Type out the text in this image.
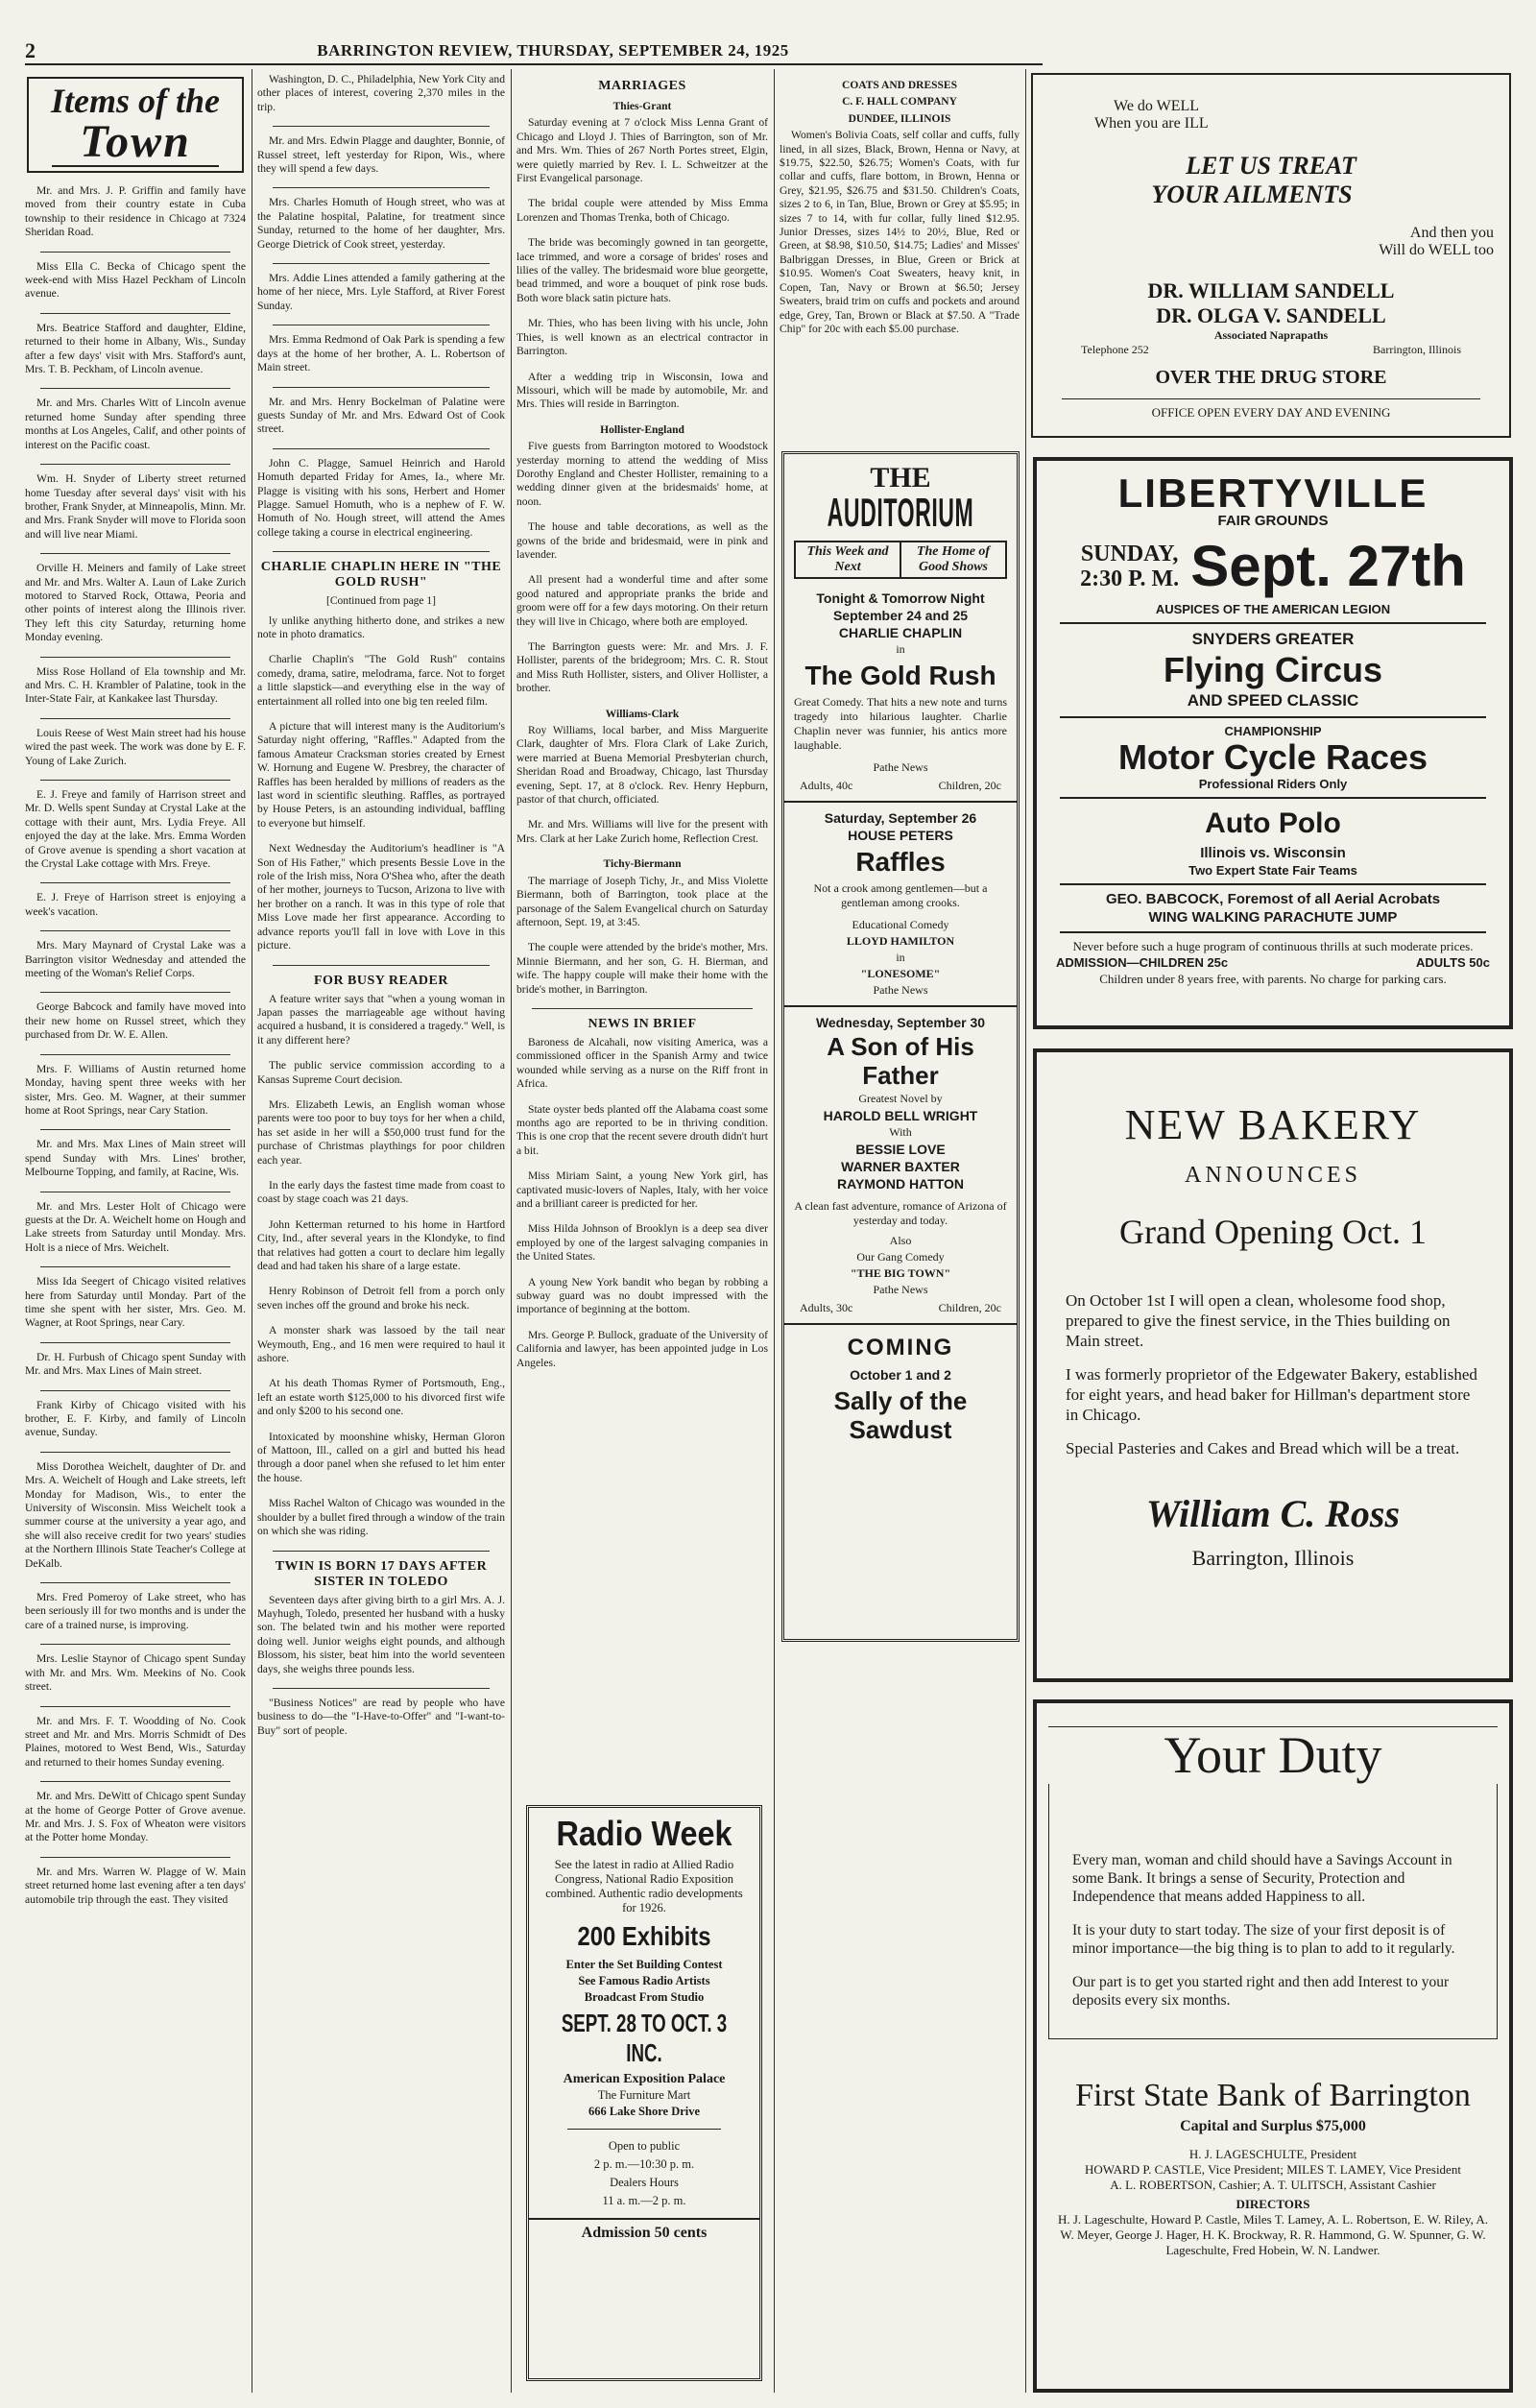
2	BARRINGTON REVIEW, THURSDAY, SEPTEMBER 24, 1925
Items of the
Town

Mr. and Mrs. J. P. Griffin and family have moved from their country estate in Cuba township to their residence in Chicago at 7324 Sheridan Road.

Miss Ella C. Becka of Chicago spent the week-end with Miss Hazel Peckham of Lincoln avenue.

Mrs. Beatrice Stafford and daughter, Eldine, returned to their home in Albany, Wis., Sunday after a few days' visit with Mrs. Stafford's aunt, Mrs. T. B. Peckham, of Lincoln avenue.

Mr. and Mrs. Charles Witt of Lincoln avenue returned home Sunday after spending three months at Los Angeles, Calif, and other points of interest on the Pacific coast.

Wm. H. Snyder of Liberty street returned home Tuesday after several days' visit with his brother, Frank Snyder, at Minneapolis, Minn. Mr. and Mrs. Frank Snyder will move to Florida soon and will live near Miami.

Orville H. Meiners and family of Lake street and Mr. and Mrs. Walter A. Laun of Lake Zurich motored to Starved Rock, Ottawa, Peoria and other points of interest along the Illinois river. They left this city Saturday, returning home Monday evening.

Miss Rose Holland of Ela township and Mr. and Mrs. C. H. Krambler of Palatine, took in the Inter-State Fair, at Kankakee last Thursday.

Louis Reese of West Main street had his house wired the past week. The work was done by E. F. Young of Lake Zurich.

E. J. Freye and family of Harrison street and Mr. D. Wells spent Sunday at Crystal Lake at the cottage with their aunt, Mrs. Lydia Freye. All enjoyed the day at the lake. Mrs. Emma Worden of Grove avenue is spending a short vacation at the Crystal Lake cottage with Mrs. Freye.

E. J. Freye of Harrison street is enjoying a week's vacation.

Mrs. Mary Maynard of Crystal Lake was a Barrington visitor Wednesday and attended the meeting of the Woman's Relief Corps.

George Babcock and family have moved into their new home on Russel street, which they purchased from Dr. W. E. Allen.

Mrs. F. Williams of Austin returned home Monday, having spent three weeks with her sister, Mrs. Geo. M. Wagner, at their summer home at Root Springs, near Cary Station.

Mr. and Mrs. Max Lines of Main street will spend Sunday with Mrs. Lines' brother, Melbourne Topping, and family, at Racine, Wis.

Mr. and Mrs. Lester Holt of Chicago were guests at the Dr. A. Weichelt home on Hough and Lake streets from Saturday until Monday. Mrs. Holt is a niece of Mrs. Weichelt.

Miss Ida Seegert of Chicago visited relatives here from Saturday until Monday. Part of the time she spent with her sister, Mrs. Geo. M. Wagner, at Root Springs, near Cary.

Dr. H. Furbush of Chicago spent Sunday with Mr. and Mrs. Max Lines of Main street.

Frank Kirby of Chicago visited with his brother, E. F. Kirby, and family of Lincoln avenue, Sunday.

Miss Dorothea Weichelt, daughter of Dr. and Mrs. A. Weichelt of Hough and Lake streets, left Monday for Madison, Wis., to enter the University of Wisconsin. Miss Weichelt took a summer course at the university a year ago, and she will also receive credit for two years' studies at the Northern Illinois State Teacher's College at DeKalb.

Mrs. Fred Pomeroy of Lake street, who has been seriously ill for two months and is under the care of a trained nurse, is improving.

Mrs. Leslie Staynor of Chicago spent Sunday with Mr. and Mrs. Wm. Meekins of No. Cook street.

Mr. and Mrs. F. T. Woodding of No. Cook street and Mr. and Mrs. Morris Schmidt of Des Plaines, motored to West Bend, Wis., Saturday and returned to their homes Sunday evening.

Mr. and Mrs. DeWitt of Chicago spent Sunday at the home of George Potter of Grove avenue. Mr. and Mrs. J. S. Fox of Wheaton were visitors at the Potter home Monday.

Mr. and Mrs. Warren W. Plagge of W. Main street returned home last evening after a ten days' automobile trip through the east. They visited

Washington, D. C., Philadelphia, New York City and other places of interest, covering 2,370 miles in the trip.

Mr. and Mrs. Edwin Plagge and daughter, Bonnie, of Russel street, left yesterday for Ripon, Wis., where they will spend a few days.

Mrs. Charles Homuth of Hough street, who was at the Palatine hospital, Palatine, for treatment since Sunday, returned to the home of her daughter, Mrs. George Dietrick of Cook street, yesterday.

Mrs. Addie Lines attended a family gathering at the home of her niece, Mrs. Lyle Stafford, at River Forest Sunday.

Mrs. Emma Redmond of Oak Park is spending a few days at the home of her brother, A. L. Robertson of Main street.

Mr. and Mrs. Henry Bockelman of Palatine were guests Sunday of Mr. and Mrs. Edward Ost of Cook street.

John C. Plagge, Samuel Heinrich and Harold Homuth departed Friday for Ames, Ia., where Mr. Plagge is visiting with his sons, Herbert and Homer Plagge. Samuel Homuth, who is a nephew of F. W. Homuth of No. Hough street, will attend the Ames college taking a course in electrical engineering.

CHARLIE CHAPLIN HERE IN "THE GOLD RUSH"
[Continued from page 1]

ly unlike anything hitherto done, and strikes a new note in photo dramatics.

Charlie Chaplin's "The Gold Rush" contains comedy, drama, satire, melodrama, farce. Not to forget a little slapstick—and everything else in the way of entertainment all rolled into one big ten reeled film.

A picture that will interest many is the Auditorium's Saturday night offering, "Raffles." Adapted from the famous Amateur Cracksman stories created by Ernest W. Hornung and Eugene W. Presbrey, the character of Raffles has been heralded by millions of readers as the last word in scientific sleuthing. Raffles, as portrayed by House Peters, is an astounding individual, baffling to everyone but himself.

Next Wednesday the Auditorium's headliner is "A Son of His Father," which presents Bessie Love in the role of the Irish miss, Nora O'Shea who, after the death of her mother, journeys to Tucson, Arizona to live with her brother on a ranch. It was in this type of role that Miss Love made her first appearance. According to advance reports you'll fall in love with Love in this picture.

FOR BUSY READER

A feature writer says that "when a young woman in Japan passes the marriageable age without having acquired a husband, it is considered a tragedy." Well, is it any different here?

The public service commission according to a Kansas Supreme Court decision.

Mrs. Elizabeth Lewis, an English woman whose parents were too poor to buy toys for her when a child, has set aside in her will a $50,000 trust fund for the purchase of Christmas playthings for poor children each year.

In the early days the fastest time made from coast to coast by stage coach was 21 days.

John Ketterman returned to his home in Hartford City, Ind., after several years in the Klondyke, to find that relatives had gotten a court to declare him legally dead and had taken his share of a large estate.

Henry Robinson of Detroit fell from a porch only seven inches off the ground and broke his neck.

A monster shark was lassoed by the tail near Weymouth, Eng., and 16 men were required to haul it ashore.

At his death Thomas Rymer of Portsmouth, Eng., left an estate worth $125,000 to his divorced first wife and only $200 to his second one.

Intoxicated by moonshine whisky, Herman Gloron of Mattoon, Ill., called on a girl and butted his head through a door panel when she refused to let him enter the house.

Miss Rachel Walton of Chicago was wounded in the shoulder by a bullet fired through a window of the train on which she was riding.

TWIN IS BORN 17 DAYS AFTER SISTER IN TOLEDO

Seventeen days after giving birth to a girl Mrs. A. J. Mayhugh, Toledo, presented her husband with a husky son. The belated twin and his mother were reported doing well. Junior weighs eight pounds, and although Blossom, his sister, beat him into the world seventeen days, she weighs three pounds less.

"Business Notices" are read by people who have business to do—the "I-Have-to-Offer" and "I-want-to-Buy" sort of people.

MARRIAGES
Thies-Grant

Saturday evening at 7 o'clock Miss Lenna Grant of Chicago and Lloyd J. Thies of Barrington, son of Mr. and Mrs. Wm. Thies of 267 North Portes street, Elgin, were quietly married by Rev. I. L. Schweitzer at the First Evangelical parsonage.

The bridal couple were attended by Miss Emma Lorenzen and Thomas Trenka, both of Chicago.

The bride was becomingly gowned in tan georgette, lace trimmed, and wore a corsage of brides' roses and lilies of the valley. The bridesmaid wore blue georgette, bead trimmed, and wore a bouquet of pink rose buds. Both wore black satin picture hats.

Mr. Thies, who has been living with his uncle, John Thies, is well known as an electrical contractor in Barrington.

After a wedding trip in Wisconsin, Iowa and Missouri, which will be made by automobile, Mr. and Mrs. Thies will reside in Barrington.

Hollister-England

Five guests from Barrington motored to Woodstock yesterday morning to attend the wedding of Miss Dorothy England and Chester Hollister, remaining to a wedding dinner given at the bridesmaids' home, at noon.

The house and table decorations, as well as the gowns of the bride and bridesmaid, were in pink and lavender.

All present had a wonderful time and after some good natured and appropriate pranks the bride and groom were off for a few days motoring. On their return they will live in Chicago, where both are employed.

The Barrington guests were: Mr. and Mrs. J. F. Hollister, parents of the bridegroom; Mrs. C. R. Stout and Miss Ruth Hollister, sisters, and Oliver Hollister, a brother.

Williams-Clark

Roy Williams, local barber, and Miss Marguerite Clark, daughter of Mrs. Flora Clark of Lake Zurich, were married at Buena Memorial Presbyterian church, Sheridan Road and Broadway, Chicago, last Thursday evening, Sept. 17, at 8 o'clock. Rev. Henry Hepburn, pastor of that church, officiated.

Mr. and Mrs. Williams will live for the present with Mrs. Clark at her Lake Zurich home, Reflection Crest.

Tichy-Biermann

The marriage of Joseph Tichy, Jr., and Miss Violette Biermann, both of Barrington, took place at the parsonage of the Salem Evangelical church on Saturday afternoon, Sept. 19, at 3:45.

The couple were attended by the bride's mother, Mrs. Minnie Biermann, and her son, G. H. Bierman, and wife. The happy couple will make their home with the bride's mother, in Barrington.

NEWS IN BRIEF

Baroness de Alcahali, now visiting America, was a commissioned officer in the Spanish Army and twice wounded while serving as a nurse on the Riff front in Africa.

State oyster beds planted off the Alabama coast some months ago are reported to be in thriving condition. This is one crop that the recent severe drouth didn't hurt a bit.

Miss Miriam Saint, a young New York girl, has captivated music-lovers of Naples, Italy, with her voice and a brilliant career is predicted for her.

Miss Hilda Johnson of Brooklyn is a deep sea diver employed by one of the largest salvaging companies in the United States.

A young New York bandit who began by robbing a subway guard was no doubt impressed with the importance of beginning at the bottom.

Mrs. George P. Bullock, graduate of the University of California and lawyer, has been appointed judge in Los Angeles.

Radio Week

See the latest in radio at Allied Radio Congress, National Radio Exposition combined. Authentic radio developments for 1926.

200 Exhibits

Enter the Set Building Contest

See Famous Radio Artists

Broadcast From Studio

SEPT. 28 TO OCT. 3 INC.

American Exposition Palace

The Furniture Mart

666 Lake Shore Drive

Open to public

2 p. m.—10:30 p. m.

Dealers Hours

11 a. m.—2 p. m.

Admission 50 cents

COATS AND DRESSES
C. F. HALL COMPANY
DUNDEE, ILLINOIS

Women's Bolivia Coats, self collar and cuffs, fully lined, in all sizes, Black, Brown, Henna or Navy, at $19.75, $22.50, $26.75; Women's Coats, with fur collar and cuffs, flare bottom, in Brown, Henna or Grey, $21.95, $26.75 and $31.50. Children's Coats, sizes 2 to 6, in Tan, Blue, Brown or Grey at $5.95; in sizes 7 to 14, with fur collar, fully lined $12.95. Junior Dresses, sizes 14½ to 20½, Blue, Red or Green, at $8.98, $10.50, $14.75; Ladies' and Misses' Balbriggan Dresses, in Blue, Green or Brick at $10.95. Women's Coat Sweaters, heavy knit, in Copen, Tan, Navy or Brown at $6.50; Jersey Sweaters, braid trim on cuffs and pockets and around edge, Grey, Tan, Brown or Black at $7.50. A "Trade Chip" for 20c with each $5.00 purchase.

THE
AUDITORIUM
This Week and Next
The Home of Good Shows

Tonight & Tomorrow Night

September 24 and 25

CHARLIE CHAPLIN

in

The Gold Rush

Great Comedy. That hits a new note and turns tragedy into hilarious laughter. Charlie Chaplin never was funnier, his antics more laughable.

Pathe News

Adults, 40c	Children, 20c

Saturday, September 26

HOUSE PETERS

Raffles

Not a crook among gentlemen—but a gentleman among crooks.

Educational Comedy

LLOYD HAMILTON

in

"LONESOME"

Pathe News

Wednesday, September 30

A Son of His Father

Greatest Novel by

HAROLD BELL WRIGHT

With

BESSIE LOVE

WARNER BAXTER

RAYMOND HATTON

A clean fast adventure, romance of Arizona of yesterday and today.

Also

Our Gang Comedy

"THE BIG TOWN"

Pathe News

Adults, 30c	Children, 20c
COMING

October 1 and 2

Sally of the Sawdust
We do WELL
When you are ILL
LET US TREAT
YOUR AILMENTS
And then you
Will do WELL too
DR. WILLIAM SANDELL
DR. OLGA V. SANDELL
Associated Naprapaths
Telephone 252	Barrington, Illinois
OVER THE DRUG STORE
OFFICE OPEN EVERY DAY AND EVENING
LIBERTYVILLE
FAIR GROUNDS
SUNDAY,
2:30 P. M. Sept. 27th
AUSPICES OF THE AMERICAN LEGION
SNYDERS GREATER
Flying Circus
AND SPEED CLASSIC
CHAMPIONSHIP
Motor Cycle Races
Professional Riders Only
Auto Polo
Illinois vs. Wisconsin
Two Expert State Fair Teams
GEO. BABCOCK, Foremost of all Aerial Acrobats
WING WALKING PARACHUTE JUMP
Never before such a huge program of continuous thrills at such moderate prices.
ADMISSION—CHILDREN 25c	ADULTS 50c
Children under 8 years free, with parents. No charge for parking cars.
NEW BAKERY
ANNOUNCES
Grand Opening Oct. 1

On October 1st I will open a clean, wholesome food shop, prepared to give the finest service, in the Thies building on Main street.

I was formerly proprietor of the Edgewater Bakery, established for eight years, and head baker for Hillman's department store in Chicago.

Special Pasteries and Cakes and Bread which will be a treat.

William C. Ross
Barrington, Illinois
Your Duty

Every man, woman and child should have a Savings Account in some Bank. It brings a sense of Security, Protection and Independence that means added Happiness to all.

It is your duty to start today. The size of your first deposit is of minor importance—the big thing is to plan to add to it regularly.

Our part is to get you started right and then add Interest to your deposits every six months.

First State Bank of Barrington
Capital and Surplus $75,000
H. J. LAGESCHULTE, President
HOWARD P. CASTLE, Vice President; MILES T. LAMEY, Vice President
A. L. ROBERTSON, Cashier; A. T. ULITSCH, Assistant Cashier
DIRECTORS
H. J. Lageschulte, Howard P. Castle, Miles T. Lamey, A. L. Robertson, E. W. Riley, A. W. Meyer, George J. Hager, H. K. Brockway, R. R. Hammond, G. W. Spunner, G. W. Lageschulte, Fred Hobein, W. N. Landwer.
